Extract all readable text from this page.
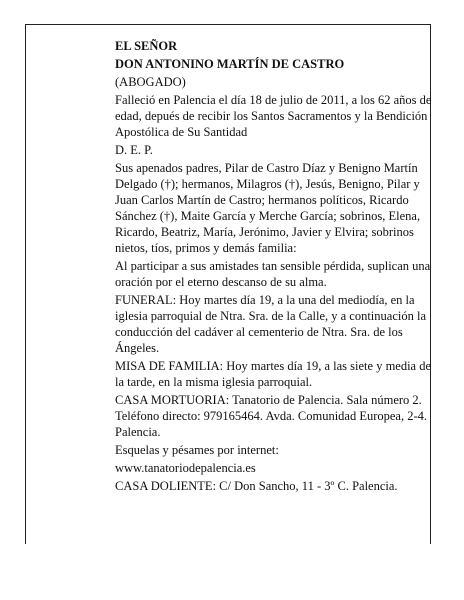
EL SEÑOR

DON ANTONINO MARTÍN DE CASTRO

(ABOGADO)

Falleció en Palencia el día 18 de julio de 2011, a los 62 años de edad, depués de recibir los Santos Sacramentos y la Bendición Apostólica de Su Santidad

D. E. P.

Sus apenados padres, Pilar de Castro Díaz y Benigno Martín Delgado (†); hermanos, Milagros (†), Jesús, Benigno, Pilar y Juan Carlos Martín de Castro; hermanos políticos, Ricardo Sánchez (†), Maite García y Merche García; sobrinos, Elena, Ricardo, Beatriz, María, Jerónimo, Javier y Elvira; sobrinos nietos, tíos, primos y demás familia:

Al participar a sus amistades tan sensible pérdida, suplican una oración por el eterno descanso de su alma.

FUNERAL: Hoy martes día 19, a la una del mediodía, en la iglesia parroquial de Ntra. Sra. de la Calle, y a continuación la conducción del cadáver al cementerio de Ntra. Sra. de los Ángeles.

MISA DE FAMILIA: Hoy martes día 19, a las siete y media de la tarde, en la misma iglesia parroquial.

CASA MORTUORIA: Tanatorio de Palencia. Sala número 2. Teléfono directo: 979165464. Avda. Comunidad Europea, 2-4. Palencia.

Esquelas y pésames por internet:

www.tanatoriodepalencia.es

CASA DOLIENTE: C/ Don Sancho, 11 - 3º C. Palencia.
